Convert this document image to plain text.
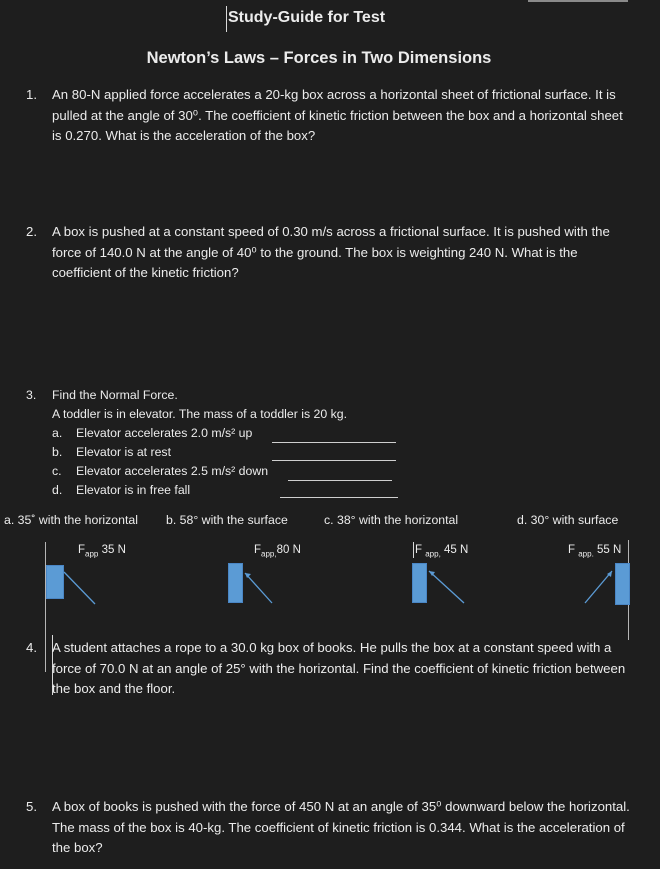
Study-Guide for Test
Newton’s Laws – Forces in Two Dimensions
1. An 80-N applied force accelerates a 20-kg box across a horizontal sheet of frictional surface. It is pulled at the angle of 30⁰. The coefficient of kinetic friction between the box and a horizontal sheet is 0.270. What is the acceleration of the box?
2. A box is pushed at a constant speed of 0.30 m/s across a frictional surface. It is pushed with the force of 140.0 N at the angle of 40⁰ to the ground. The box is weighting 240 N. What is the coefficient of the kinetic friction?
3. Find the Normal Force.
A toddler is in elevator. The mass of a toddler is 20 kg.
a. Elevator accelerates 2.0 m/s² up
b. Elevator is at rest
c. Elevator accelerates 2.5 m/s² down
d. Elevator is in free fall
a. 35˚ with the horizontal b. 58° with the surface	c. 38° with the horizontal	d. 30° with surface
$F_{app}$ 35 N	$F_{app,}80$ N	F $_{app,}$ 45 N	F $_{app.}$ 55 N
4. A student attaches a rope to a 30.0 kg box of books. He pulls the box at a constant speed with a force of 70.0 N at an angle of 25° with the horizontal. Find the coefficient of kinetic friction between the box and the floor.
5. A box of books is pushed with the force of 450 N at an angle of 35⁰ downward below the horizontal. The mass of the box is 40-kg. The coefficient of kinetic friction is 0.344. What is the acceleration of the box?
